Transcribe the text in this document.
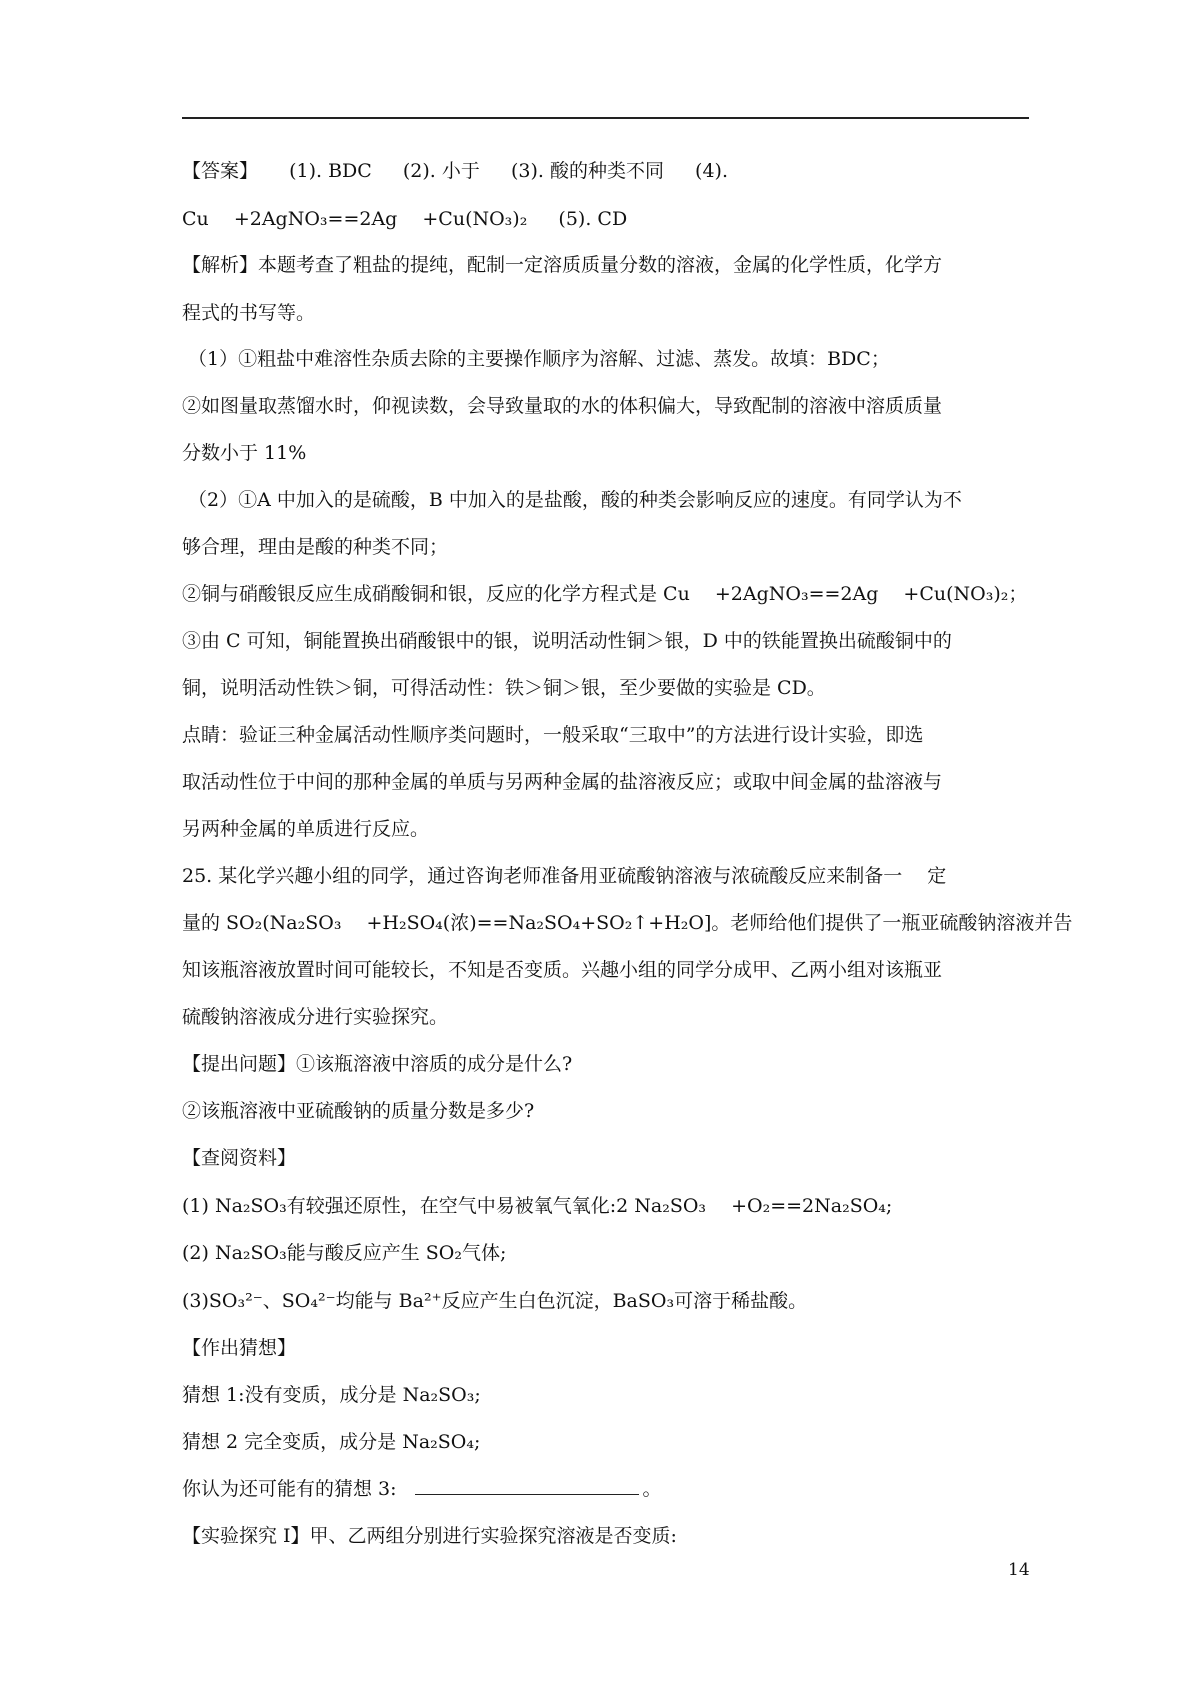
【答案】 　 (1). BDC 　 (2). 小于 　 (3). 酸的种类不同 　 (4).
Cu 　+2AgNO₃==2Ag 　+Cu(NO₃)₂ 　 (5). CD
【解析】本题考查了粗盐的提纯，配制一定溶质质量分数的溶液，金属的化学性质，化学方
程式的书写等。
（1）①粗盐中难溶性杂质去除的主要操作顺序为溶解、过滤、蒸发。故填：BDC；
②如图量取蒸馏水时，仰视读数，会导致量取的水的体积偏大，导致配制的溶液中溶质质量
分数小于 11%
（2）①A 中加入的是硫酸，B 中加入的是盐酸，酸的种类会影响反应的速度。有同学认为不
够合理，理由是酸的种类不同；
②铜与硝酸银反应生成硝酸铜和银，反应的化学方程式是 Cu 　+2AgNO₃==2Ag 　+Cu(NO₃)₂；
③由 C 可知，铜能置换出硝酸银中的银，说明活动性铜＞银，D 中的铁能置换出硫酸铜中的
铜，说明活动性铁＞铜，可得活动性：铁＞铜＞银，至少要做的实验是 CD。
点睛：验证三种金属活动性顺序类问题时，一般采取“三取中”的方法进行设计实验，即选
取活动性位于中间的那种金属的单质与另两种金属的盐溶液反应；或取中间金属的盐溶液与
另两种金属的单质进行反应。
25. 某化学兴趣小组的同学，通过咨询老师准备用亚硫酸钠溶液与浓硫酸反应来制备一 　定
量的 SO₂(Na₂SO₃ 　+H₂SO₄(浓)==Na₂SO₄+SO₂↑+H₂O]。老师给他们提供了一瓶亚硫酸钠溶液并告
知该瓶溶液放置时间可能较长，不知是否变质。兴趣小组的同学分成甲、乙两小组对该瓶亚
硫酸钠溶液成分进行实验探究。
【提出问题】①该瓶溶液中溶质的成分是什么?
②该瓶溶液中亚硫酸钠的质量分数是多少?
【查阅资料】
(1) Na₂SO₃有较强还原性，在空气中易被氧气氧化:2 Na₂SO₃ 　+O₂==2Na₂SO₄;
(2) Na₂SO₃能与酸反应产生 SO₂气体;
(3)SO₃²⁻、SO₄²⁻均能与 Ba²⁺反应产生白色沉淀，BaSO₃可溶于稀盐酸。
【作出猜想】
猜想 1:没有变质，成分是 Na₂SO₃;
猜想 2 完全变质，成分是 Na₂SO₄;
你认为还可能有的猜想 3:	。
【实验探究 I】甲、乙两组分别进行实验探究溶液是否变质:
14
